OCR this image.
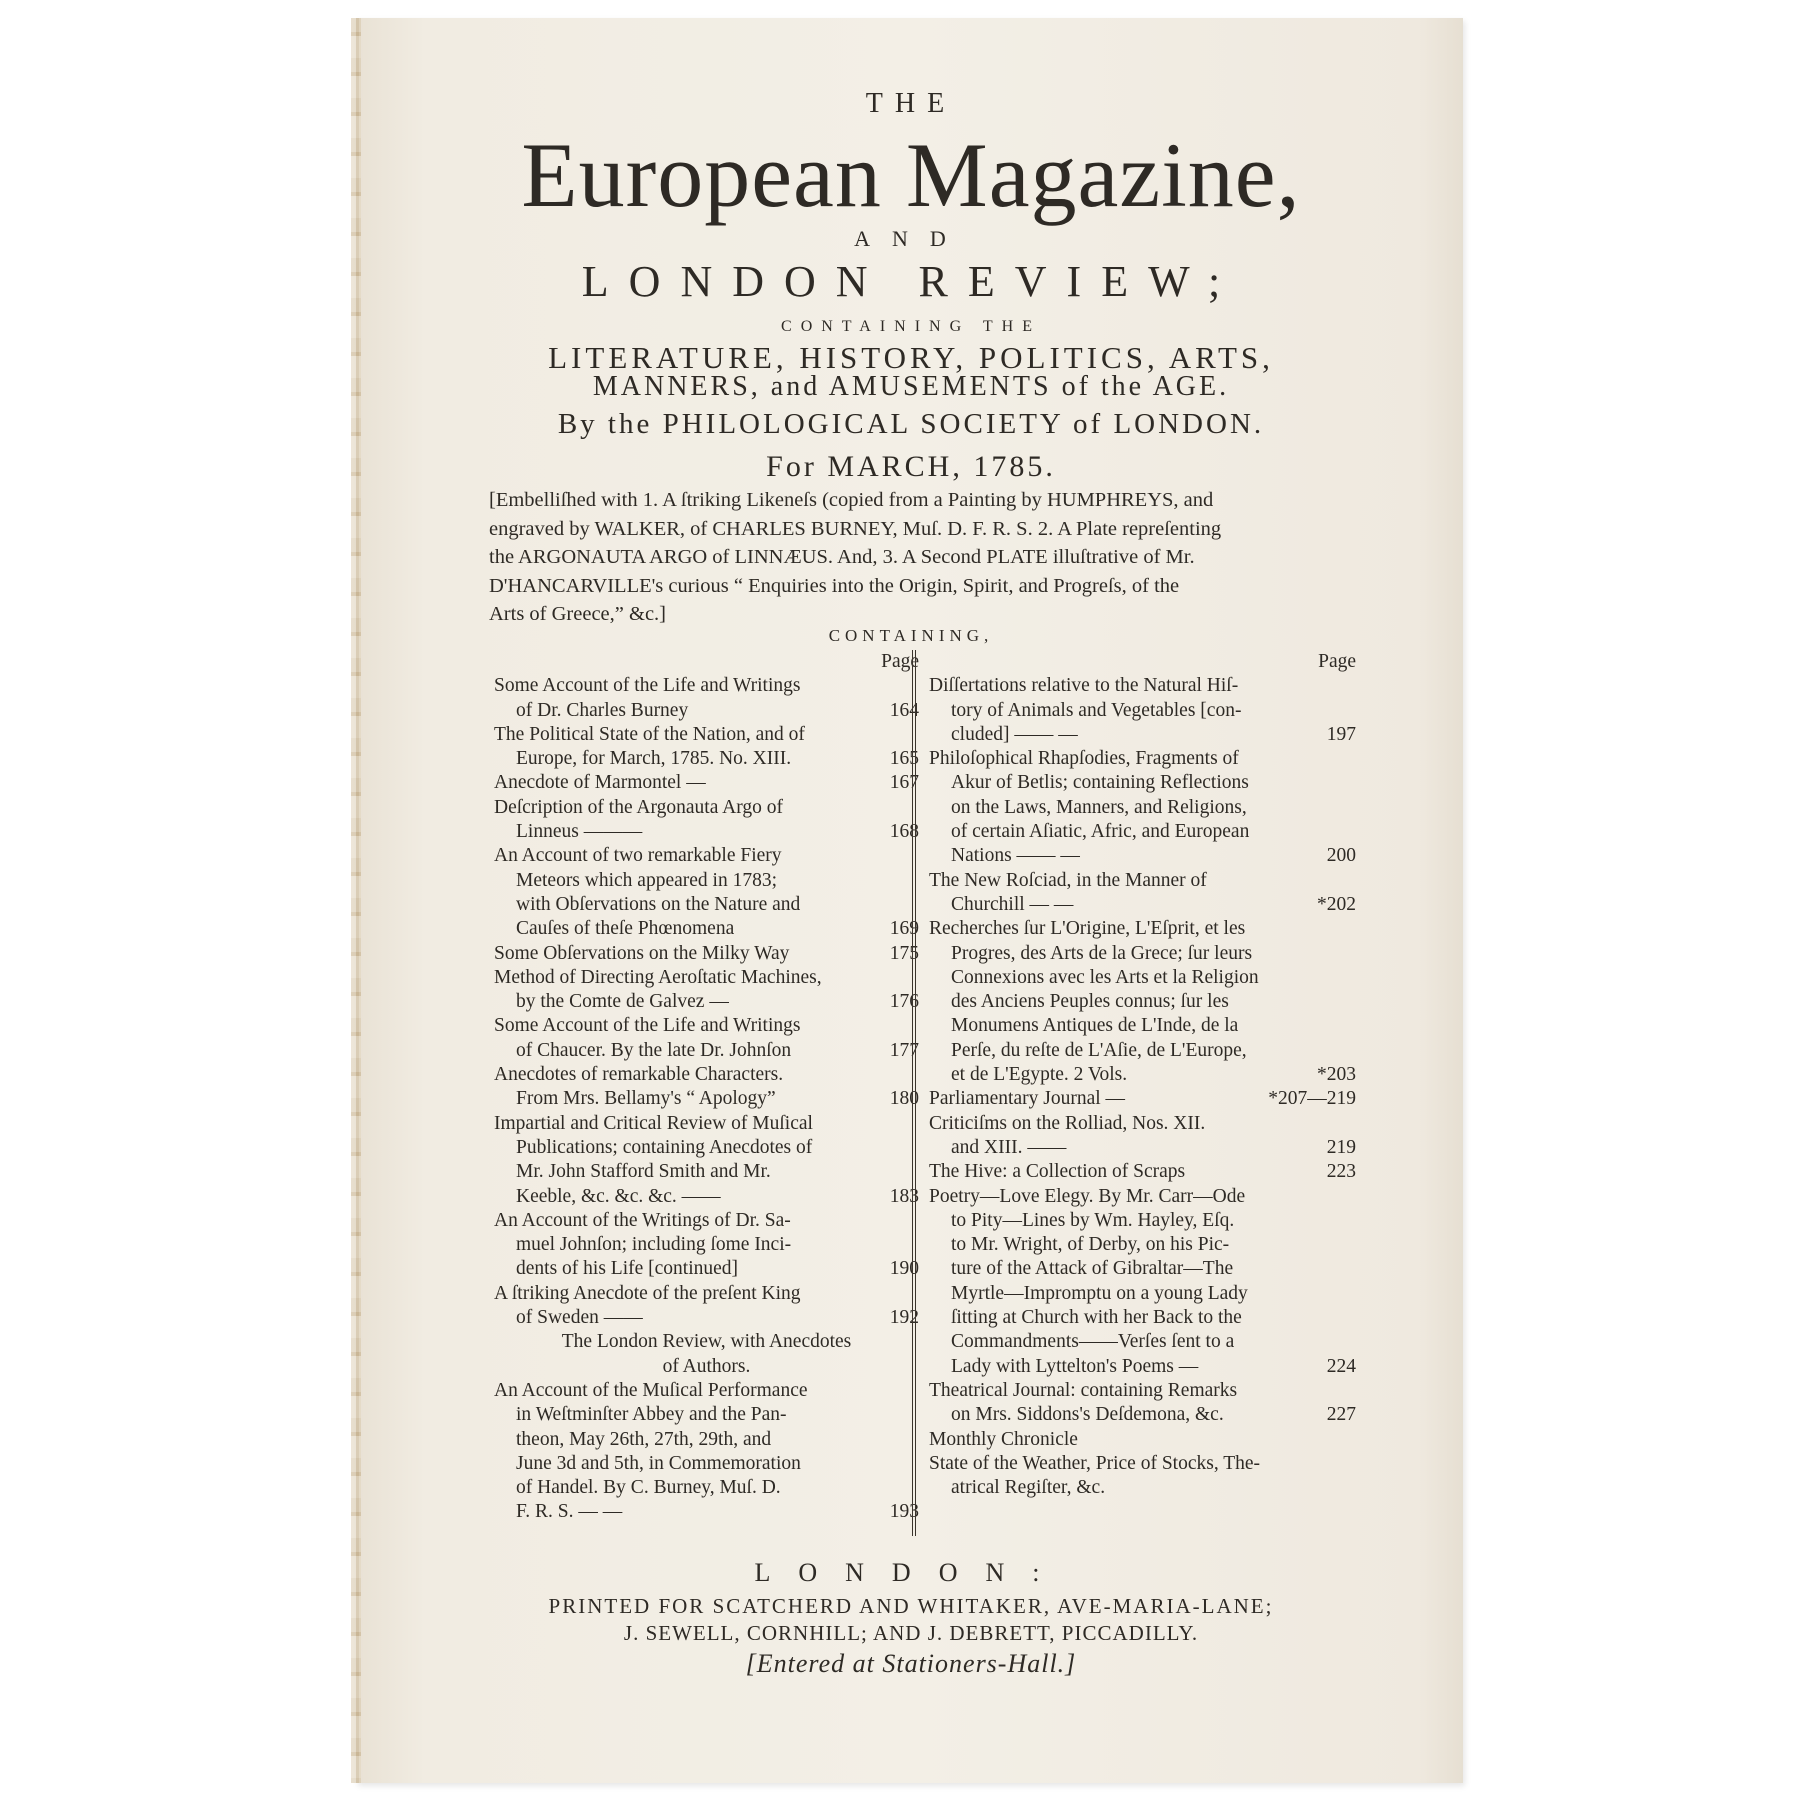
THE
European Magazine,
AND
LONDON REVIEW;
CONTAINING THE
LITERATURE, HISTORY, POLITICS, ARTS,
MANNERS, and AMUSEMENTS of the AGE.
By the PHILOLOGICAL SOCIETY of LONDON.
For MARCH, 1785.
[Embelliſhed with 1. A ſtriking Likeneſs (copied from a Painting by HUMPHREYS, and
engraved by WALKER, of CHARLES BURNEY, Muſ. D. F. R. S. 2. A Plate repreſenting
the ARGONAUTA ARGO of LINNÆUS. And, 3. A Second PLATE illuſtrative of Mr.
D'HANCARVILLE's curious “ Enquiries into the Origin, Spirit, and Progreſs, of the
Arts of Greece,” &c.]
CONTAINING,
Page
Some Account of the Life and Writings
of Dr. Charles Burney	164
The Political State of the Nation, and of
Europe, for March, 1785. No. XIII.	165
Anecdote of Marmontel —	167
Deſcription of the Argonauta Argo of
Linneus ———	168
An Account of two remarkable Fiery
Meteors which appeared in 1783;
with Obſervations on the Nature and
Cauſes of theſe Phœnomena	169
Some Obſervations on the Milky Way	175
Method of Directing Aeroſtatic Machines,
by the Comte de Galvez —	176
Some Account of the Life and Writings
of Chaucer. By the late Dr. Johnſon	177
Anecdotes of remarkable Characters.
From Mrs. Bellamy's “ Apology”	180
Impartial and Critical Review of Muſical
Publications; containing Anecdotes of
Mr. John Stafford Smith and Mr.
Keeble, &c. &c. &c. ——	183
An Account of the Writings of Dr. Sa-
muel Johnſon; including ſome Inci-
dents of his Life [continued]	190
A ſtriking Anecdote of the preſent King
of Sweden ——	192
The London Review, with Anecdotes
of Authors.
An Account of the Muſical Performance
in Weſtminſter Abbey and the Pan-
theon, May 26th, 27th, 29th, and
June 3d and 5th, in Commemoration
of Handel. By C. Burney, Muſ. D.
F. R. S. — —	193
Page
Diſſertations relative to the Natural Hiſ-
tory of Animals and Vegetables [con-
cluded] —— —	197
Philoſophical Rhapſodies, Fragments of
Akur of Betlis; containing Reflections
on the Laws, Manners, and Religions,
of certain Aſiatic, Afric, and European
Nations —— —	200
The New Roſciad, in the Manner of
Churchill — —	*202
Recherches ſur L'Origine, L'Eſprit, et les
Progres, des Arts de la Grece; ſur leurs
Connexions avec les Arts et la Religion
des Anciens Peuples connus; ſur les
Monumens Antiques de L'Inde, de la
Perſe, du reſte de L'Aſie, de L'Europe,
et de L'Egypte. 2 Vols.	*203
Parliamentary Journal —	*207—219
Criticiſms on the Rolliad, Nos. XII.
and XIII. ——	219
The Hive: a Collection of Scraps	223
Poetry—Love Elegy. By Mr. Carr—Ode
to Pity—Lines by Wm. Hayley, Eſq.
to Mr. Wright, of Derby, on his Pic-
ture of the Attack of Gibraltar—The
Myrtle—Impromptu on a young Lady
ſitting at Church with her Back to the
Commandments——Verſes ſent to a
Lady with Lyttelton's Poems —	224
Theatrical Journal: containing Remarks
on Mrs. Siddons's Deſdemona, &c.	227
Monthly Chronicle
State of the Weather, Price of Stocks, The-
atrical Regiſter, &c.
LONDON:
PRINTED FOR SCATCHERD AND WHITAKER, AVE-MARIA-LANE;
J. SEWELL, CORNHILL; AND J. DEBRETT, PICCADILLY.
[Entered at Stationers-Hall.]
